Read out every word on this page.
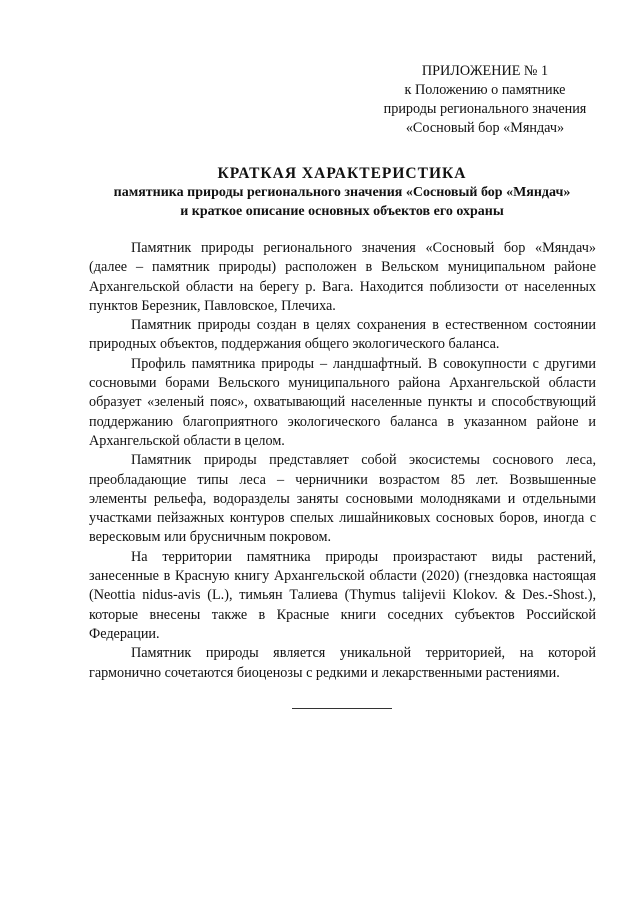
ПРИЛОЖЕНИЕ № 1
к Положению о памятнике
природы регионального значения
«Сосновый бор «Мяндач»
КРАТКАЯ ХАРАКТЕРИСТИКА
памятника природы регионального значения «Сосновый бор «Мяндач»
и краткое описание основных объектов его охраны

Памятник природы регионального значения «Сосновый бор «Мяндач» (далее – памятник природы) расположен в Вельском муниципальном районе Архангельской области на берегу р. Вага. Находится поблизости от населенных пунктов Березник, Павловское, Плечиха.

Памятник природы создан в целях сохранения в естественном состоянии природных объектов, поддержания общего экологического баланса.

Профиль памятника природы – ландшафтный. В совокупности с другими сосновыми борами Вельского муниципального района Архангельской области образует «зеленый пояс», охватывающий населенные пункты и способствующий поддержанию благоприятного экологического баланса в указанном районе и Архангельской области в целом.

Памятник природы представляет собой экосистемы соснового леса, преобладающие типы леса – черничники возрастом 85 лет. Возвышенные элементы рельефа, водоразделы заняты сосновыми молодняками и отдельными участками пейзажных контуров спелых лишайниковых сосновых боров, иногда с вересковым или брусничным покровом.

На территории памятника природы произрастают виды растений, занесенные в Красную книгу Архангельской области (2020) (гнездовка настоящая (Neottia nidus-avis (L.), тимьян Талиева (Thymus talijevii Klokov. & Des.-Shost.), которые внесены также в Красные книги соседних субъектов Российской Федерации.

Памятник природы является уникальной территорией, на которой гармонично сочетаются биоценозы с редкими и лекарственными растениями.
